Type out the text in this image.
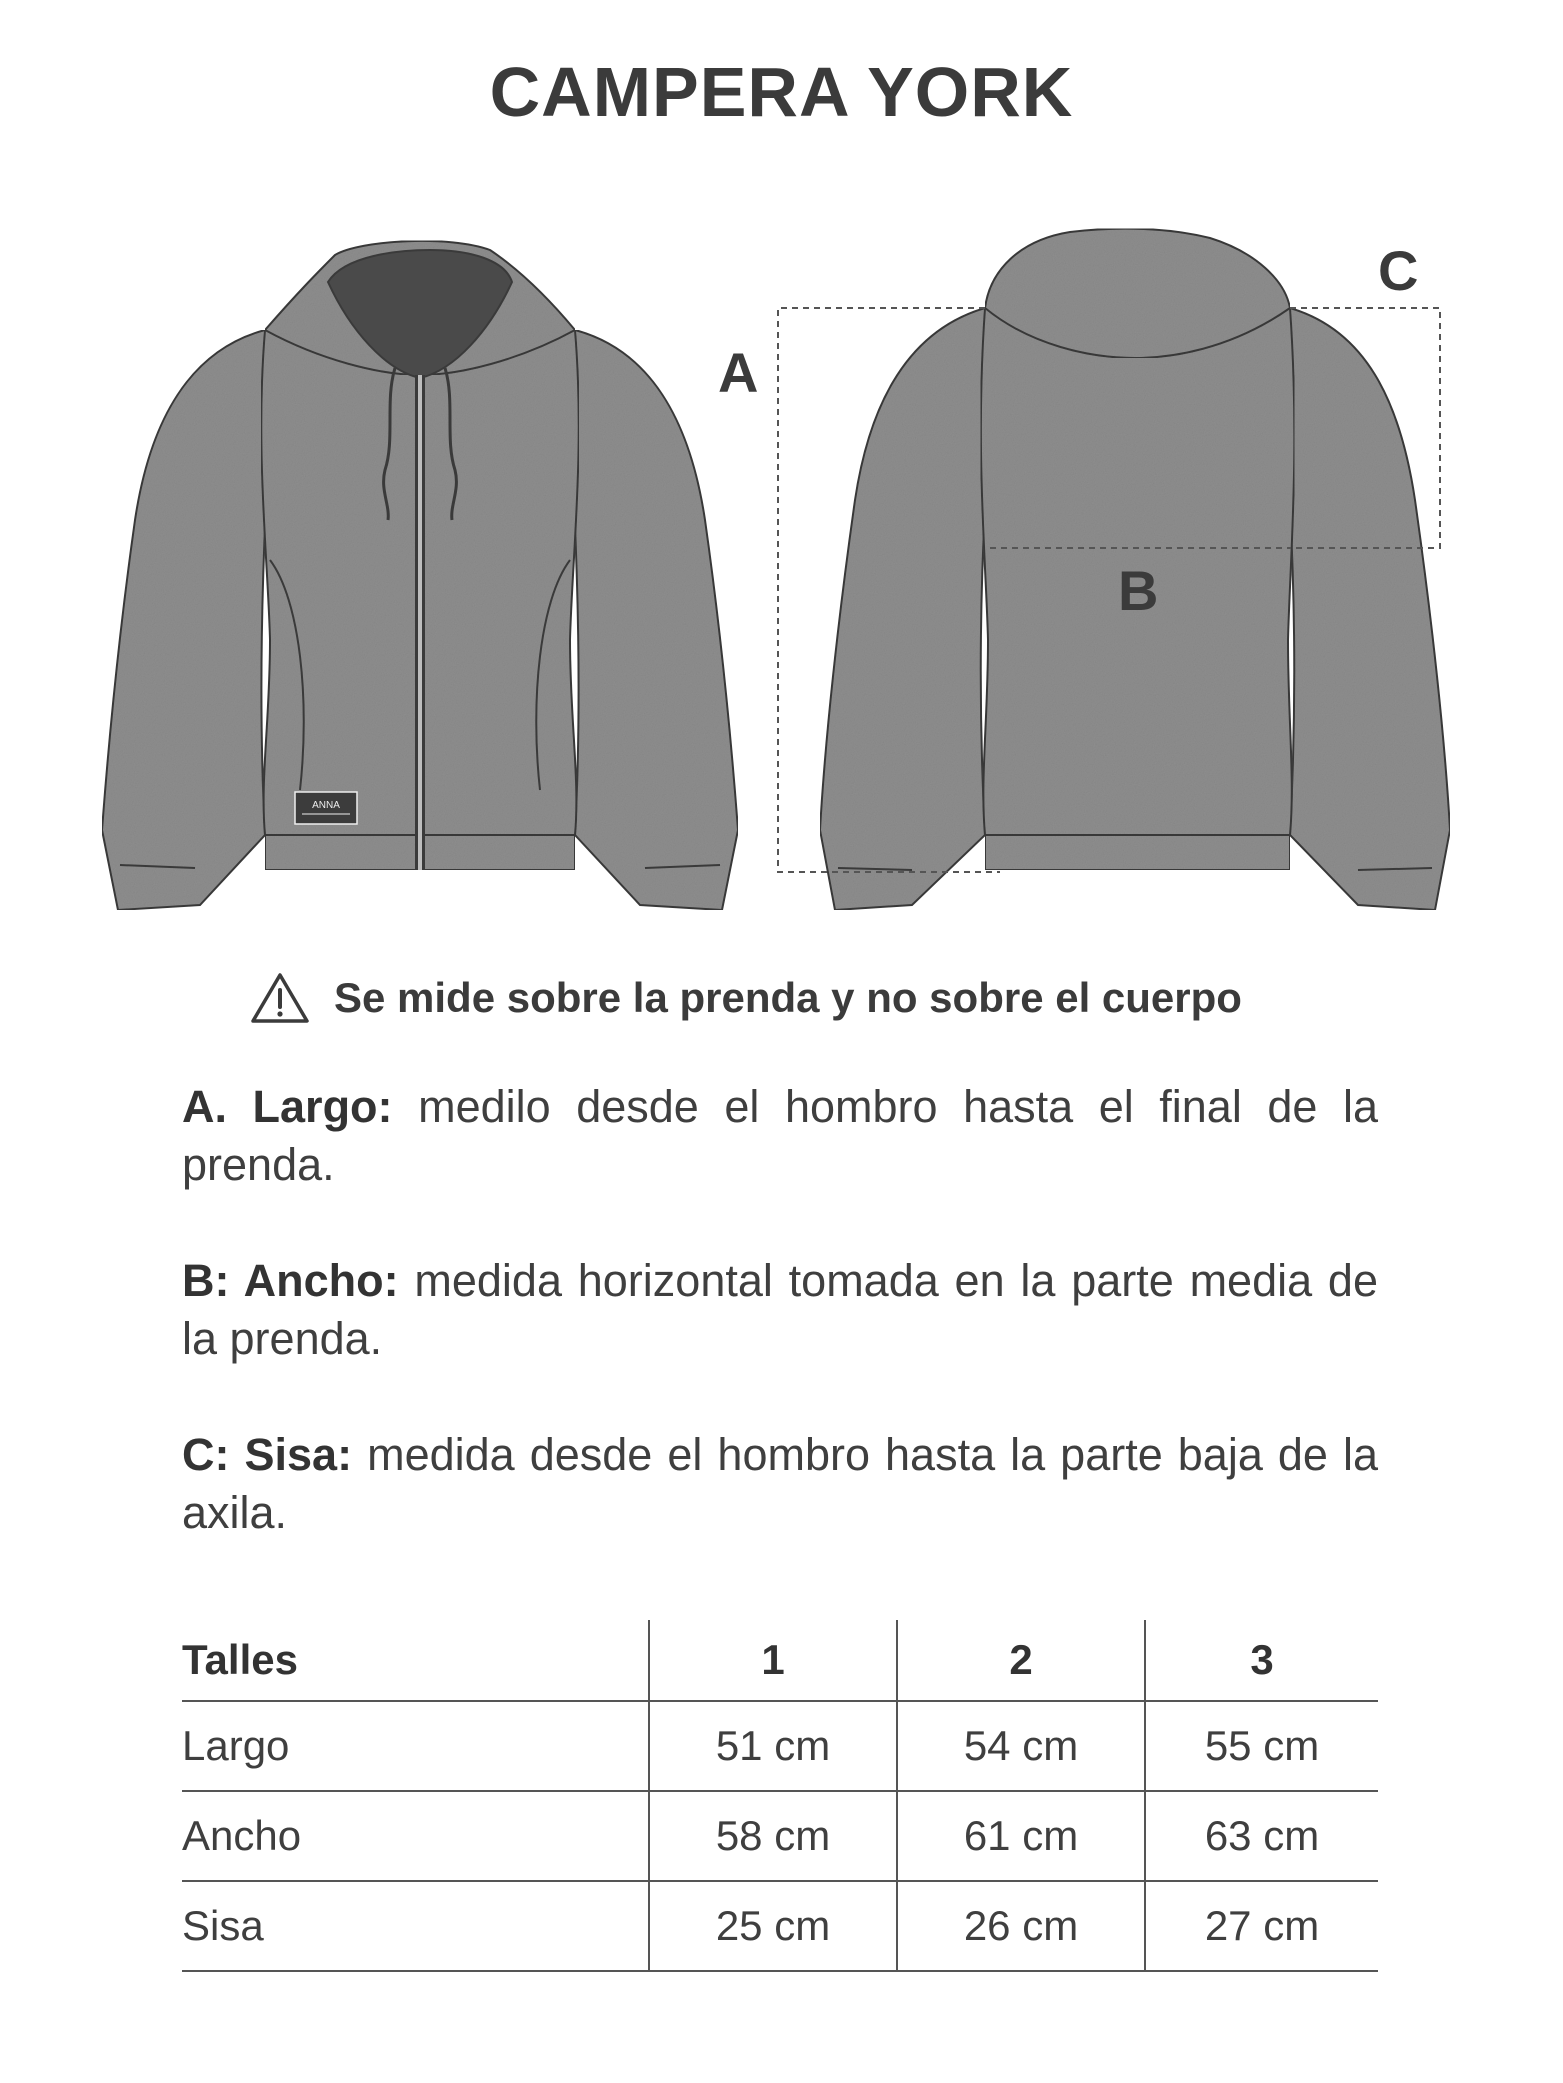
CAMPERA YORK
ANNA
A
B
C
Se mide sobre la prenda y no sobre el cuerpo

A. Largo: medilo desde el hombro hasta el final de la prenda.

B: Ancho: medida horizontal tomada en la parte media de la prenda.

C: Sisa: medida desde el hombro hasta la parte baja de la axila.

Talles	1	2	3
Largo	51 cm	54 cm	55 cm
Ancho	58 cm	61 cm	63 cm
Sisa	25 cm	26 cm	27 cm
